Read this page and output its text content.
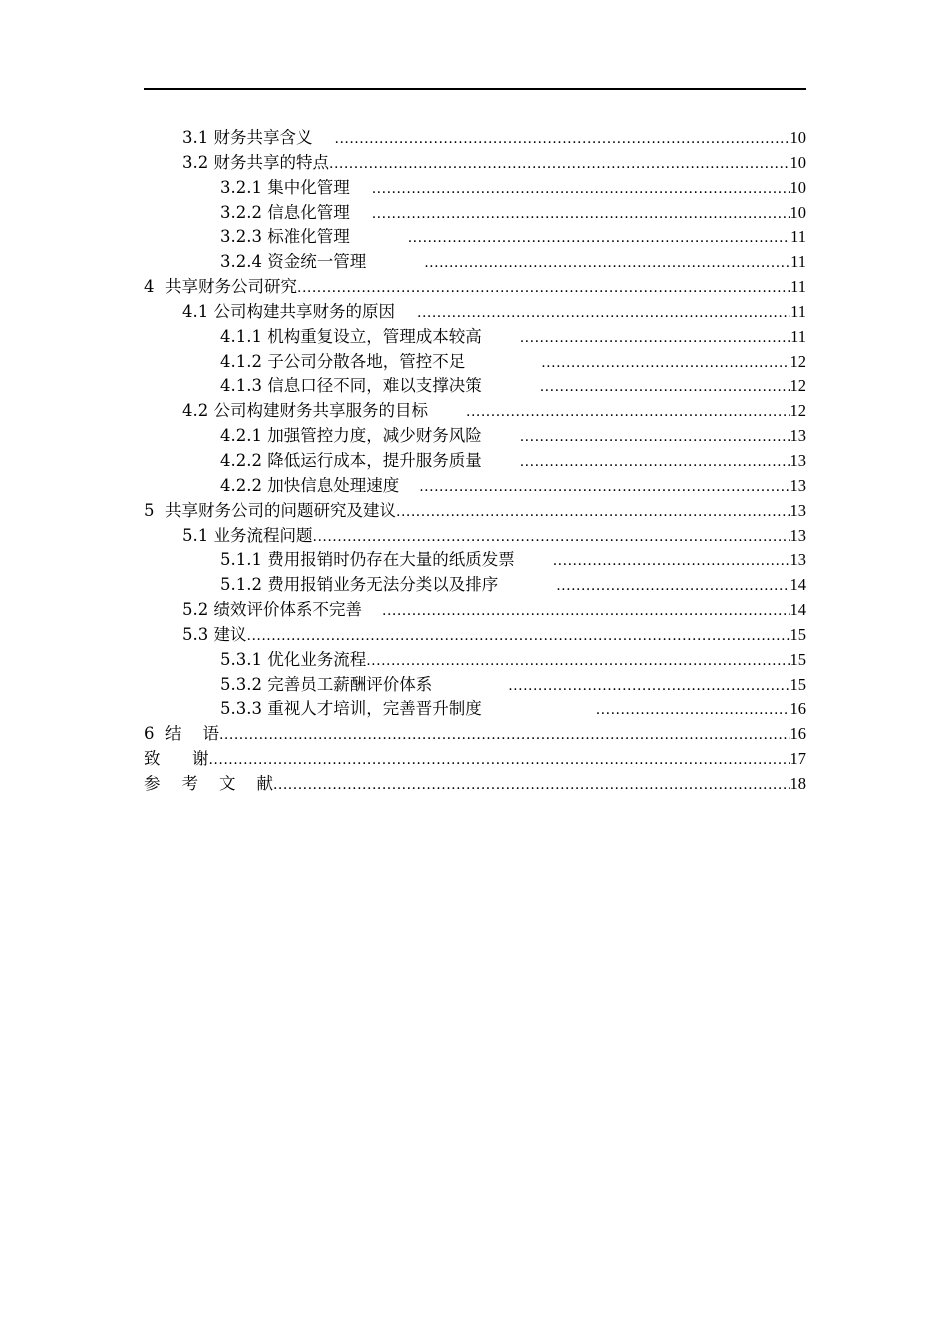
3.1 财务共享含义 .....	10
3.2 财务共享的特点 .....	10
3.2.1 集中化管理 .....	10
3.2.2 信息化管理 .....	10
3.2.3 标准化管理 .....	11
3.2.4 资金统一管理 .....	11
4  共享财务公司研究 .....	11
4.1 公司构建共享财务的原因 .....	11
4.1.1 机构重复设立，管理成本较高 .....	11
4.1.2 子公司分散各地，管控不足 .....	12
4.1.3 信息口径不同，难以支撑决策 .....	12
4.2 公司构建财务共享服务的目标 .....	12
4.2.1 加强管控力度，减少财务风险 .....	13
4.2.2 降低运行成本，提升服务质量 .....	13
4.2.2 加快信息处理速度 .....	13
5  共享财务公司的问题研究及建议 .....	13
5.1 业务流程问题 .....	13
5.1.1 费用报销时仍存在大量的纸质发票 .....	13
5.1.2 费用报销业务无法分类以及排序 .....	14
5.2 绩效评价体系不完善 .....	14
5.3 建议 .....	15
5.3.1 优化业务流程 .....	15
5.3.2 完善员工薪酬评价体系 .....	15
5.3.3 重视人才培训，完善晋升制度 .....	16
6  结    语 .....	16
致      谢 .....	17
参    考    文    献 .....	18
